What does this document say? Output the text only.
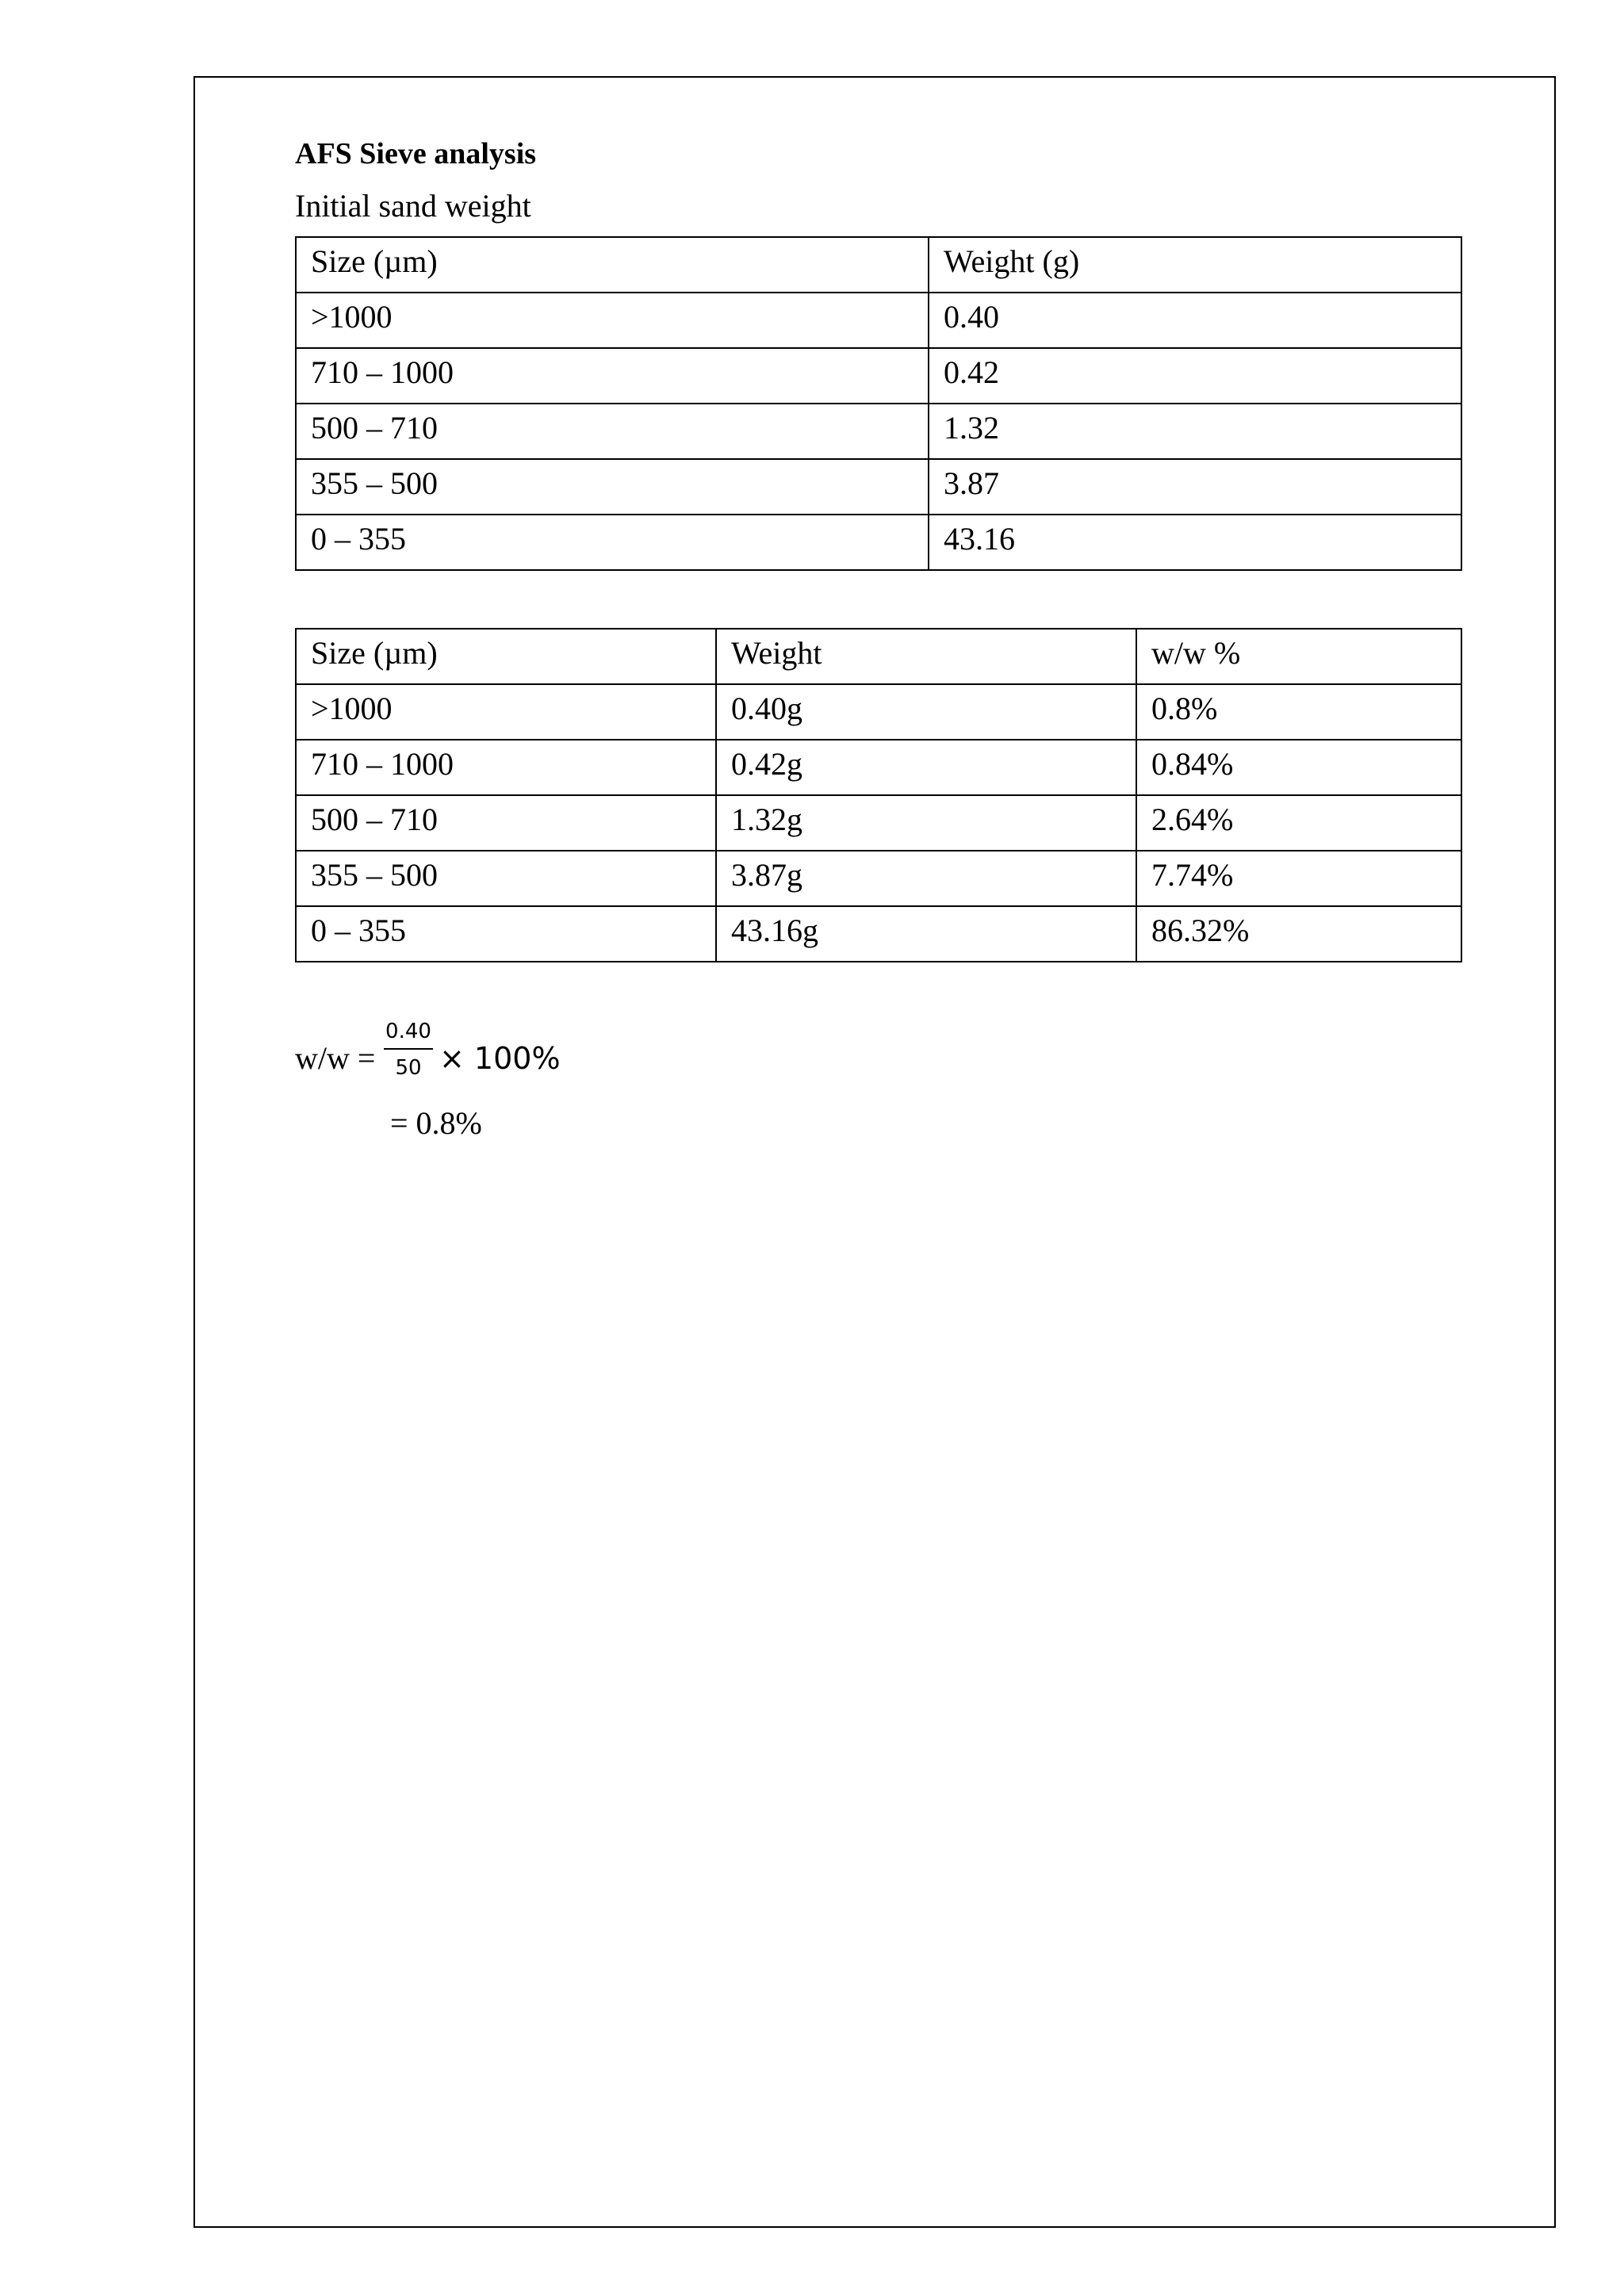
AFS Sieve analysis

Initial sand weight

Size (µm)	Weight (g)
>1000	0.40
710 – 1000	0.42
500 – 710	1.32
355 – 500	3.87
0 – 355	43.16
Size (µm)	Weight	w/w %
>1000	0.40g	0.8%
710 – 1000	0.42g	0.84%
500 – 710	1.32g	2.64%
355 – 500	3.87g	7.74%
0 – 355	43.16g	86.32%
w/w =
0.40
50 × 100%
= 0.8%
